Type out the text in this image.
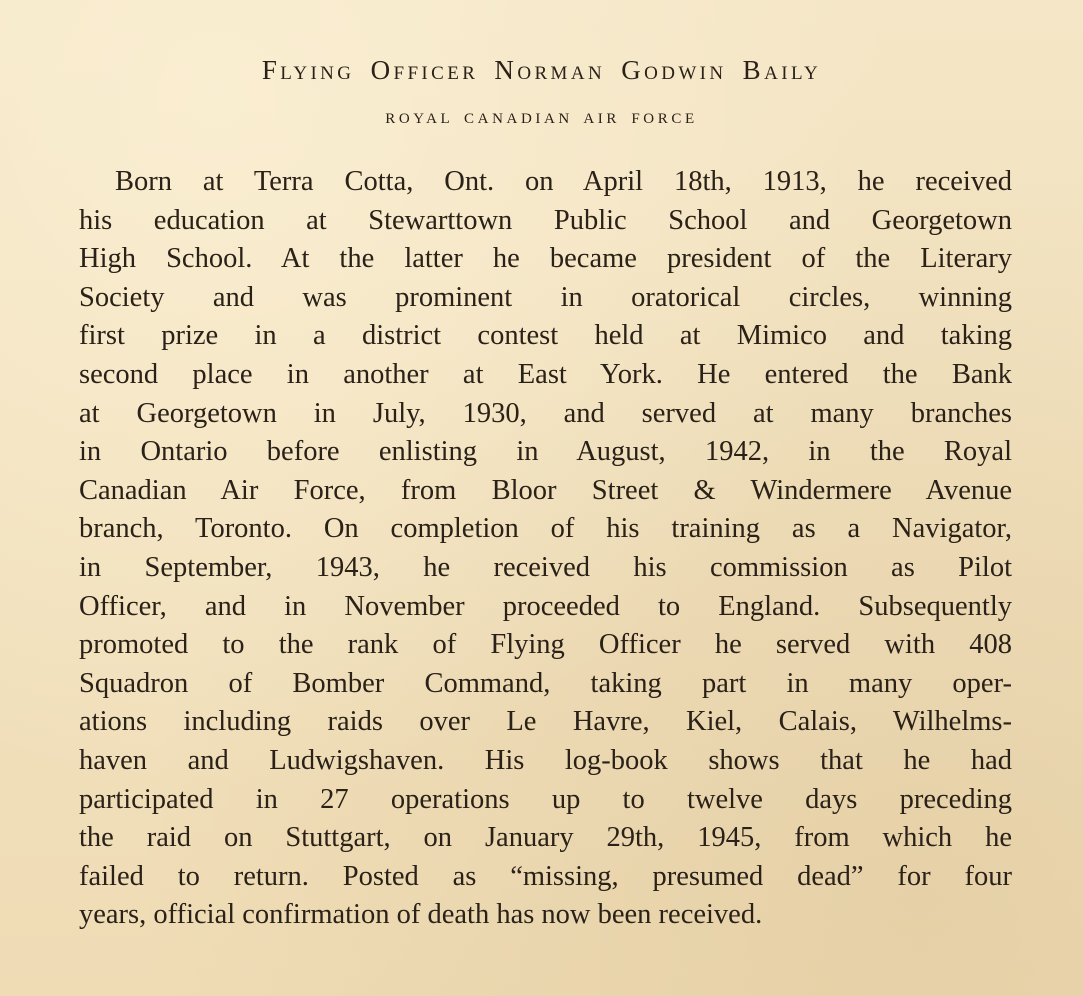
Flying Officer Norman Godwin Baily
ROYAL CANADIAN AIR FORCE
Born at Terra Cotta, Ont. on April 18th, 1913, he received
his education at Stewarttown Public School and Georgetown
High School. At the latter he became president of the Literary
Society and was prominent in oratorical circles, winning
first prize in a district contest held at Mimico and taking
second place in another at East York. He entered the Bank
at Georgetown in July, 1930, and served at many branches
in Ontario before enlisting in August, 1942, in the Royal
Canadian Air Force, from Bloor Street & Windermere Avenue
branch, Toronto. On completion of his training as a Navigator,
in September, 1943, he received his commission as Pilot
Officer, and in November proceeded to England. Subsequently
promoted to the rank of Flying Officer he served with 408
Squadron of Bomber Command, taking part in many oper-
ations including raids over Le Havre, Kiel, Calais, Wilhelms-
haven and Ludwigshaven. His log-book shows that he had
participated in 27 operations up to twelve days preceding
the raid on Stuttgart, on January 29th, 1945, from which he
failed to return. Posted as “missing, presumed dead” for four
years, official confirmation of death has now been received.
